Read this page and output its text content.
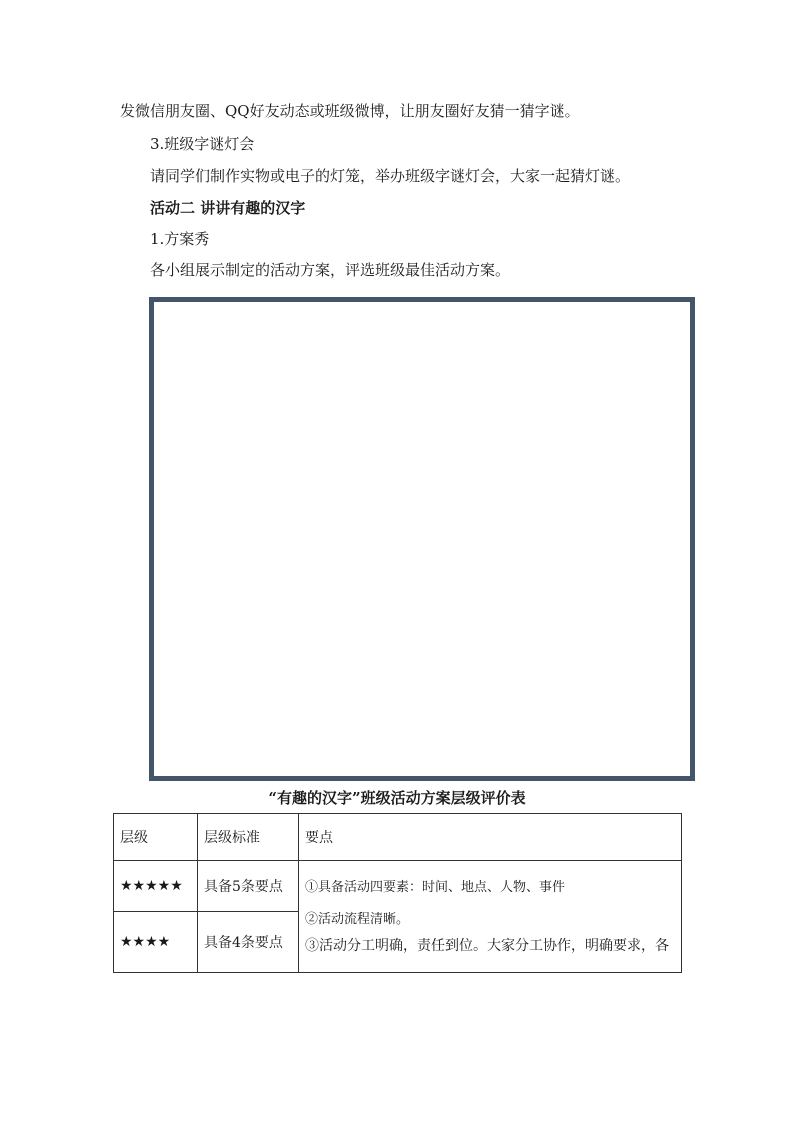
发微信朋友圈、QQ好友动态或班级微博，让朋友圈好友猜一猜字谜。
3.班级字谜灯会
请同学们制作实物或电子的灯笼，举办班级字谜灯会，大家一起猜灯谜。
活动二 讲讲有趣的汉字
1.方案秀
各小组展示制定的活动方案，评选班级最佳活动方案。
“有趣的汉字”班级活动方案层级评价表
层级	层级标准	要点
★★★★★	具备5条要点	①具备活动四要素：时间、地点、人物、事件
②活动流程清晰。
③活动分工明确，责任到位。大家分工协作，明确要求，各

★★★★	具备4条要点	
